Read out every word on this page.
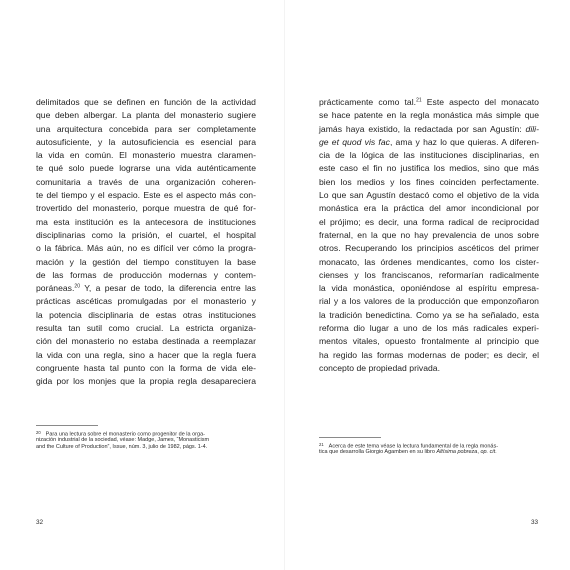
delimitados que se definen en función de la actividad
que deben albergar. La planta del monasterio sugiere
una arquitectura concebida para ser completamente
autosuficiente, y la autosuficiencia es esencial para
la vida en común. El monasterio muestra claramen-
te qué solo puede lograrse una vida auténticamente
comunitaria a través de una organización coheren-
te del tiempo y el espacio. Este es el aspecto más con-
trovertido del monasterio, porque muestra de qué for-
ma esta institución es la antecesora de instituciones
disciplinarias como la prisión, el cuartel, el hospital
o la fábrica. Más aún, no es difícil ver cómo la progra-
mación y la gestión del tiempo constituyen la base
de las formas de producción modernas y contem-
poráneas.$^{20}$ Y, a pesar de todo, la diferencia entre las
prácticas ascéticas promulgadas por el monasterio y
la potencia disciplinaria de estas otras instituciones
resulta tan sutil como crucial. La estricta organiza-
ción del monasterio no estaba destinada a reemplazar
la vida con una regla, sino a hacer que la regla fuera
congruente hasta tal punto con la forma de vida ele-
gida por los monjes que la propia regla desapareciera
$^{20}$ Para una lectura sobre el monasterio como progenitor de la orga-
nización industrial de la sociedad, véase: Madge, James, “Monasticism
and the Culture of Production”, Issue, núm. 3, julio de 1982, págs. 1-4.
32
prácticamente como tal.$^{21}$ Este aspecto del monacato
se hace patente en la regla monástica más simple que
jamás haya existido, la redactada por san Agustín: dili-
ge et quod vis fac, ama y haz lo que quieras. A diferen-
cia de la lógica de las instituciones disciplinarias, en
este caso el fin no justifica los medios, sino que más
bien los medios y los fines coinciden perfectamente.
Lo que san Agustín destacó como el objetivo de la vida
monástica era la práctica del amor incondicional por
el prójimo; es decir, una forma radical de reciprocidad
fraternal, en la que no hay prevalencia de unos sobre
otros. Recuperando los principios ascéticos del primer
monacato, las órdenes mendicantes, como los cister-
cienses y los franciscanos, reformarían radicalmente
la vida monástica, oponiéndose al espíritu empresa-
rial y a los valores de la producción que emponzoñaron
la tradición benedictina. Como ya se ha señalado, esta
reforma dio lugar a uno de los más radicales experi-
mentos vitales, opuesto frontalmente al principio que
ha regido las formas modernas de poder; es decir, el
concepto de propiedad privada.
$^{21}$ Acerca de este tema véase la lectura fundamental de la regla monás-
tica que desarrolla Giorgio Agamben en su libro Altísima pobreza, op. cit.
33
